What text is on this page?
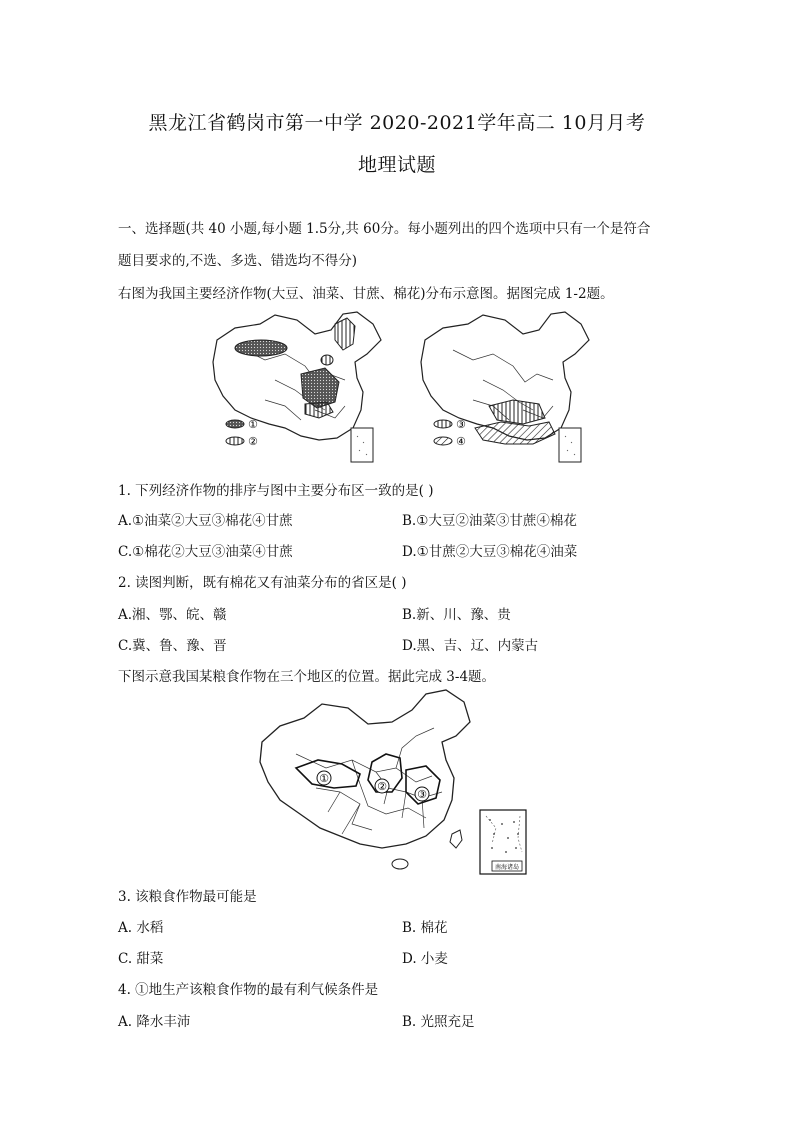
黑龙江省鹤岗市第一中学 2020-2021学年高二 10月月考
地理试题
一、选择题(共 40 小题,每小题 1.5分,共 60分。每小题列出的四个选项中只有一个是符合
题目要求的,不选、多选、错选均不得分)
右图为我国主要经济作物(大豆、油菜、甘蔗、棉花)分布示意图。据图完成 1-2题。
①
②
③
④
1. 下列经济作物的排序与图中主要分布区一致的是( )
A.①油菜②大豆③棉花④甘蔗	B.①大豆②油菜③甘蔗④棉花
C.①棉花②大豆③油菜④甘蔗	D.①甘蔗②大豆③棉花④油菜
2. 读图判断，既有棉花又有油菜分布的省区是( )
A.湘、鄂、皖、赣	B.新、川、豫、贵
C.冀、鲁、豫、晋	D.黑、吉、辽、内蒙古
下图示意我国某粮食作物在三个地区的位置。据此完成 3-4题。
①
②
③
南海诸岛
3. 该粮食作物最可能是
A. 水稻	B. 棉花
C. 甜菜	D. 小麦
4. ①地生产该粮食作物的最有利气候条件是
A. 降水丰沛	B. 光照充足
